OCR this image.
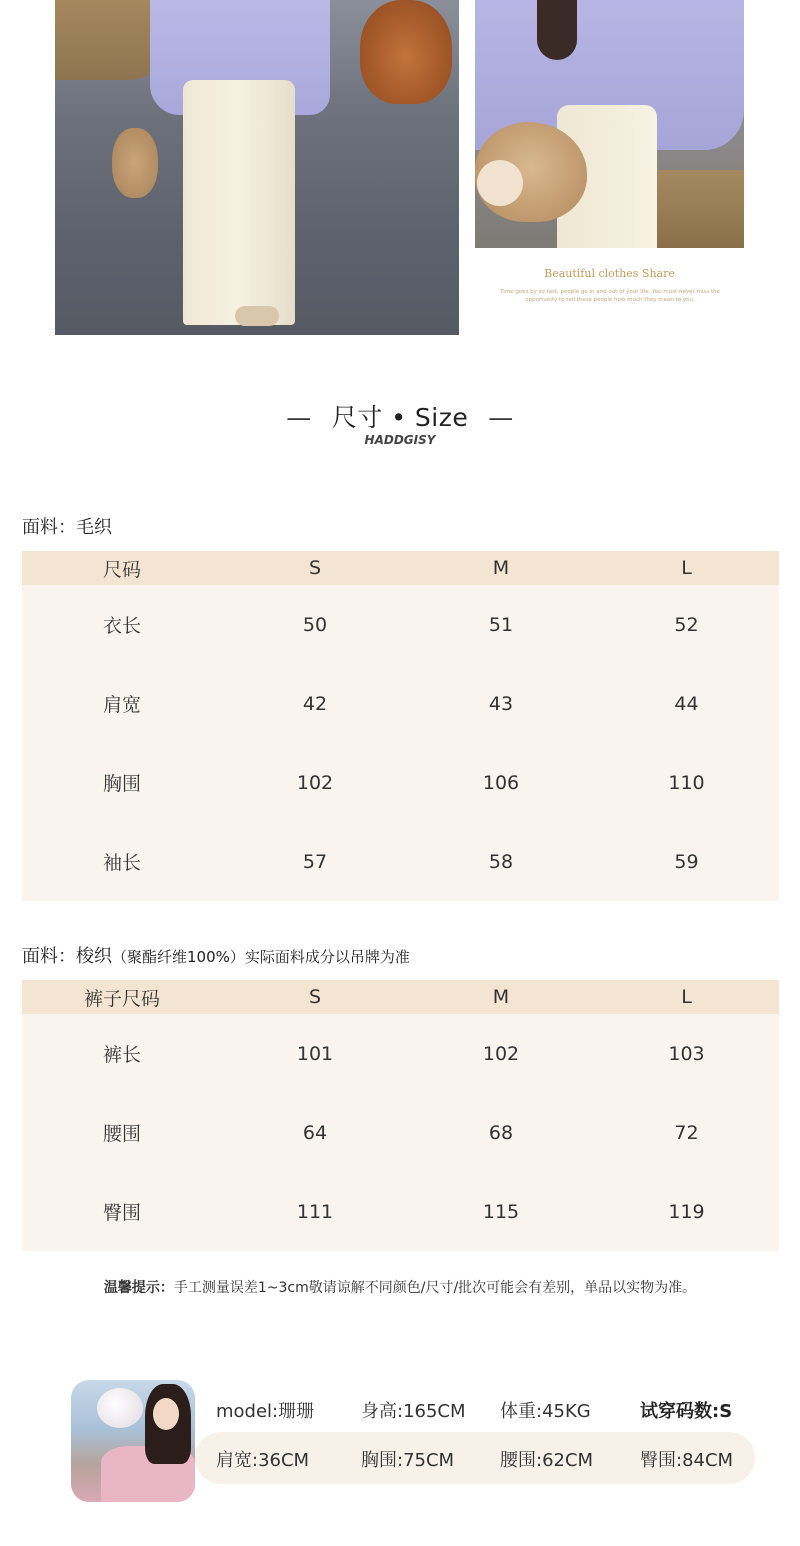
Beautiful clothes Share
Time goes by so fast, people go in and out of your life. You must never miss the opportunity to tell these people how much they mean to you.
— 尺寸 • Size —
HADDGISY
面料：毛织
尺码	S	M	L
衣长	50	51	52
肩宽	42	43	44
胸围	102	106	110
袖长	57	58	59
面料：梭织（聚酯纤维100%）实际面料成分以吊牌为准
裤子尺码	S	M	L
裤长	101	102	103
腰围	64	68	72
臀围	111	115	119
温馨提示：手工测量误差1~3cm敬请谅解不同颜色/尺寸/批次可能会有差别，单品以实物为准。
model:珊珊	身高:165CM 体重:45KG	试穿码数:S
肩宽:36CM	胸围:75CM	腰围:62CM	臀围:84CM
